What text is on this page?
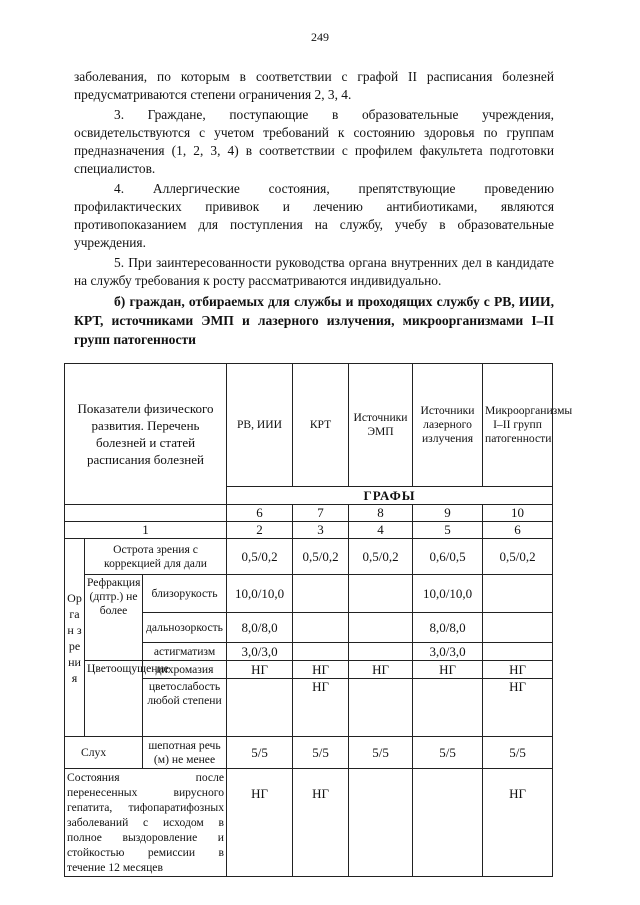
249

заболевания, по которым в соответствии с графой II расписания болезней предусматриваются степени ограничения 2, 3, 4.

3. Граждане, поступающие в образовательные учреждения, освидетельствуются с учетом требований к состоянию здоровья по группам предназначения (1, 2, 3, 4) в соответствии с профилем факультета подготовки специалистов.

4. Аллергические состояния, препятствующие проведению профилактических прививок и лечению антибиотиками, являются противопоказанием для поступления на службу, учебу в образовательные учреждения.

5. При заинтересованности руководства органа внутренних дел в кандидате на службу требования к росту рассматриваются индивидуально.

б) граждан, отбираемых для службы и проходящих службу с РВ, ИИИ, КРТ, источниками ЭМП и лазерного излучения, микроорганизмами I–II групп патогенности
Показатели физического развития. Перечень болезней и статей расписания болезней			РВ, ИИИ	КРТ	Источники ЭМП	Источники лазерного излучения	Микроорганизмы I–II групп патогенности
			ГРАФЫ				
			6	7	8	9	10
1			2	3	4	5	6
Орган зрения	Острота зрения с коррекцией для дали		0,5/0,2	0,5/0,2	0,5/0,2	0,6/0,5	0,5/0,2
	Рефракция (дптр.) не более	близорукость	10,0/10,0			10,0/10,0	
		дальнозоркость	8,0/8,0			8,0/8,0	
		астигматизм	3,0/3,0			3,0/3,0	
	Цветоощущение	дихромазия	НГ	НГ	НГ	НГ	НГ
		цветослабость любой степени		НГ			НГ
Слух		шепотная речь (м) не менее	5/5	5/5	5/5	5/5	5/5
Состояния после перенесенных вирусного гепатита, тифопаратифозных заболеваний с исходом в полное выздоровление и стойкостью ремиссии в течение 12 месяцев			НГ	НГ			НГ
